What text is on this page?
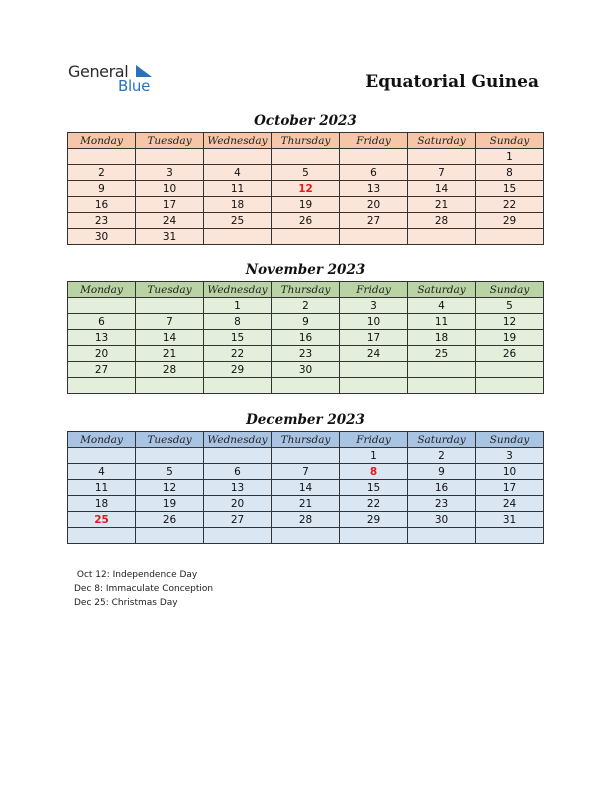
General
Blue	Equatorial Guinea
October 2023
Monday	Tuesday	Wednesday	Thursday	Friday	Saturday	Sunday
						1
2	3	4	5	6	7	8
9	10	11	12	13	14	15
16	17	18	19	20	21	22
23	24	25	26	27	28	29
30	31					
November 2023
Monday	Tuesday	Wednesday	Thursday	Friday	Saturday	Sunday
		1	2	3	4	5
6	7	8	9	10	11	12
13	14	15	16	17	18	19
20	21	22	23	24	25	26
27	28	29	30			

December 2023
Monday	Tuesday	Wednesday	Thursday	Friday	Saturday	Sunday
				1	2	3
4	5	6	7	8	9	10
11	12	13	14	15	16	17
18	19	20	21	22	23	24
25	26	27	28	29	30	31

Oct 12: Independence Day
Dec 8: Immaculate Conception
Dec 25: Christmas Day
